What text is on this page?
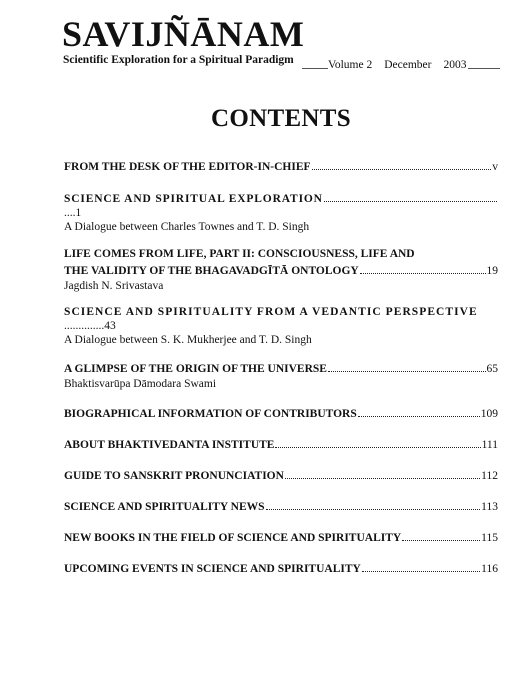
SAVIJÑĀNAM
Scientific Exploration for a Spiritual Paradigm	Volume 2 December 2003
CONTENTS
FROM THE DESK OF THE EDITOR-IN-CHIEF	v
SCIENCE AND SPIRITUAL EXPLORATION
....1
A Dialogue between Charles Townes and T. D. Singh
LIFE COMES FROM LIFE, PART II: CONSCIOUSNESS, LIFE AND
THE VALIDITY OF THE BHAGAVADGĪTĀ ONTOLOGY	19
Jagdish N. Srivastava
SCIENCE AND SPIRITUALITY FROM A VEDANTIC PERSPECTIVE
..............43
A Dialogue between S. K. Mukherjee and T. D. Singh
A GLIMPSE OF THE ORIGIN OF THE UNIVERSE	65
Bhaktisvarūpa Dāmodara Swami
BIOGRAPHICAL INFORMATION OF CONTRIBUTORS	109
ABOUT BHAKTIVEDANTA INSTITUTE	111
GUIDE TO SANSKRIT PRONUNCIATION	112
SCIENCE AND SPIRITUALITY NEWS	113
NEW BOOKS IN THE FIELD OF SCIENCE AND SPIRITUALITY	115
UPCOMING EVENTS IN SCIENCE AND SPIRITUALITY	116
